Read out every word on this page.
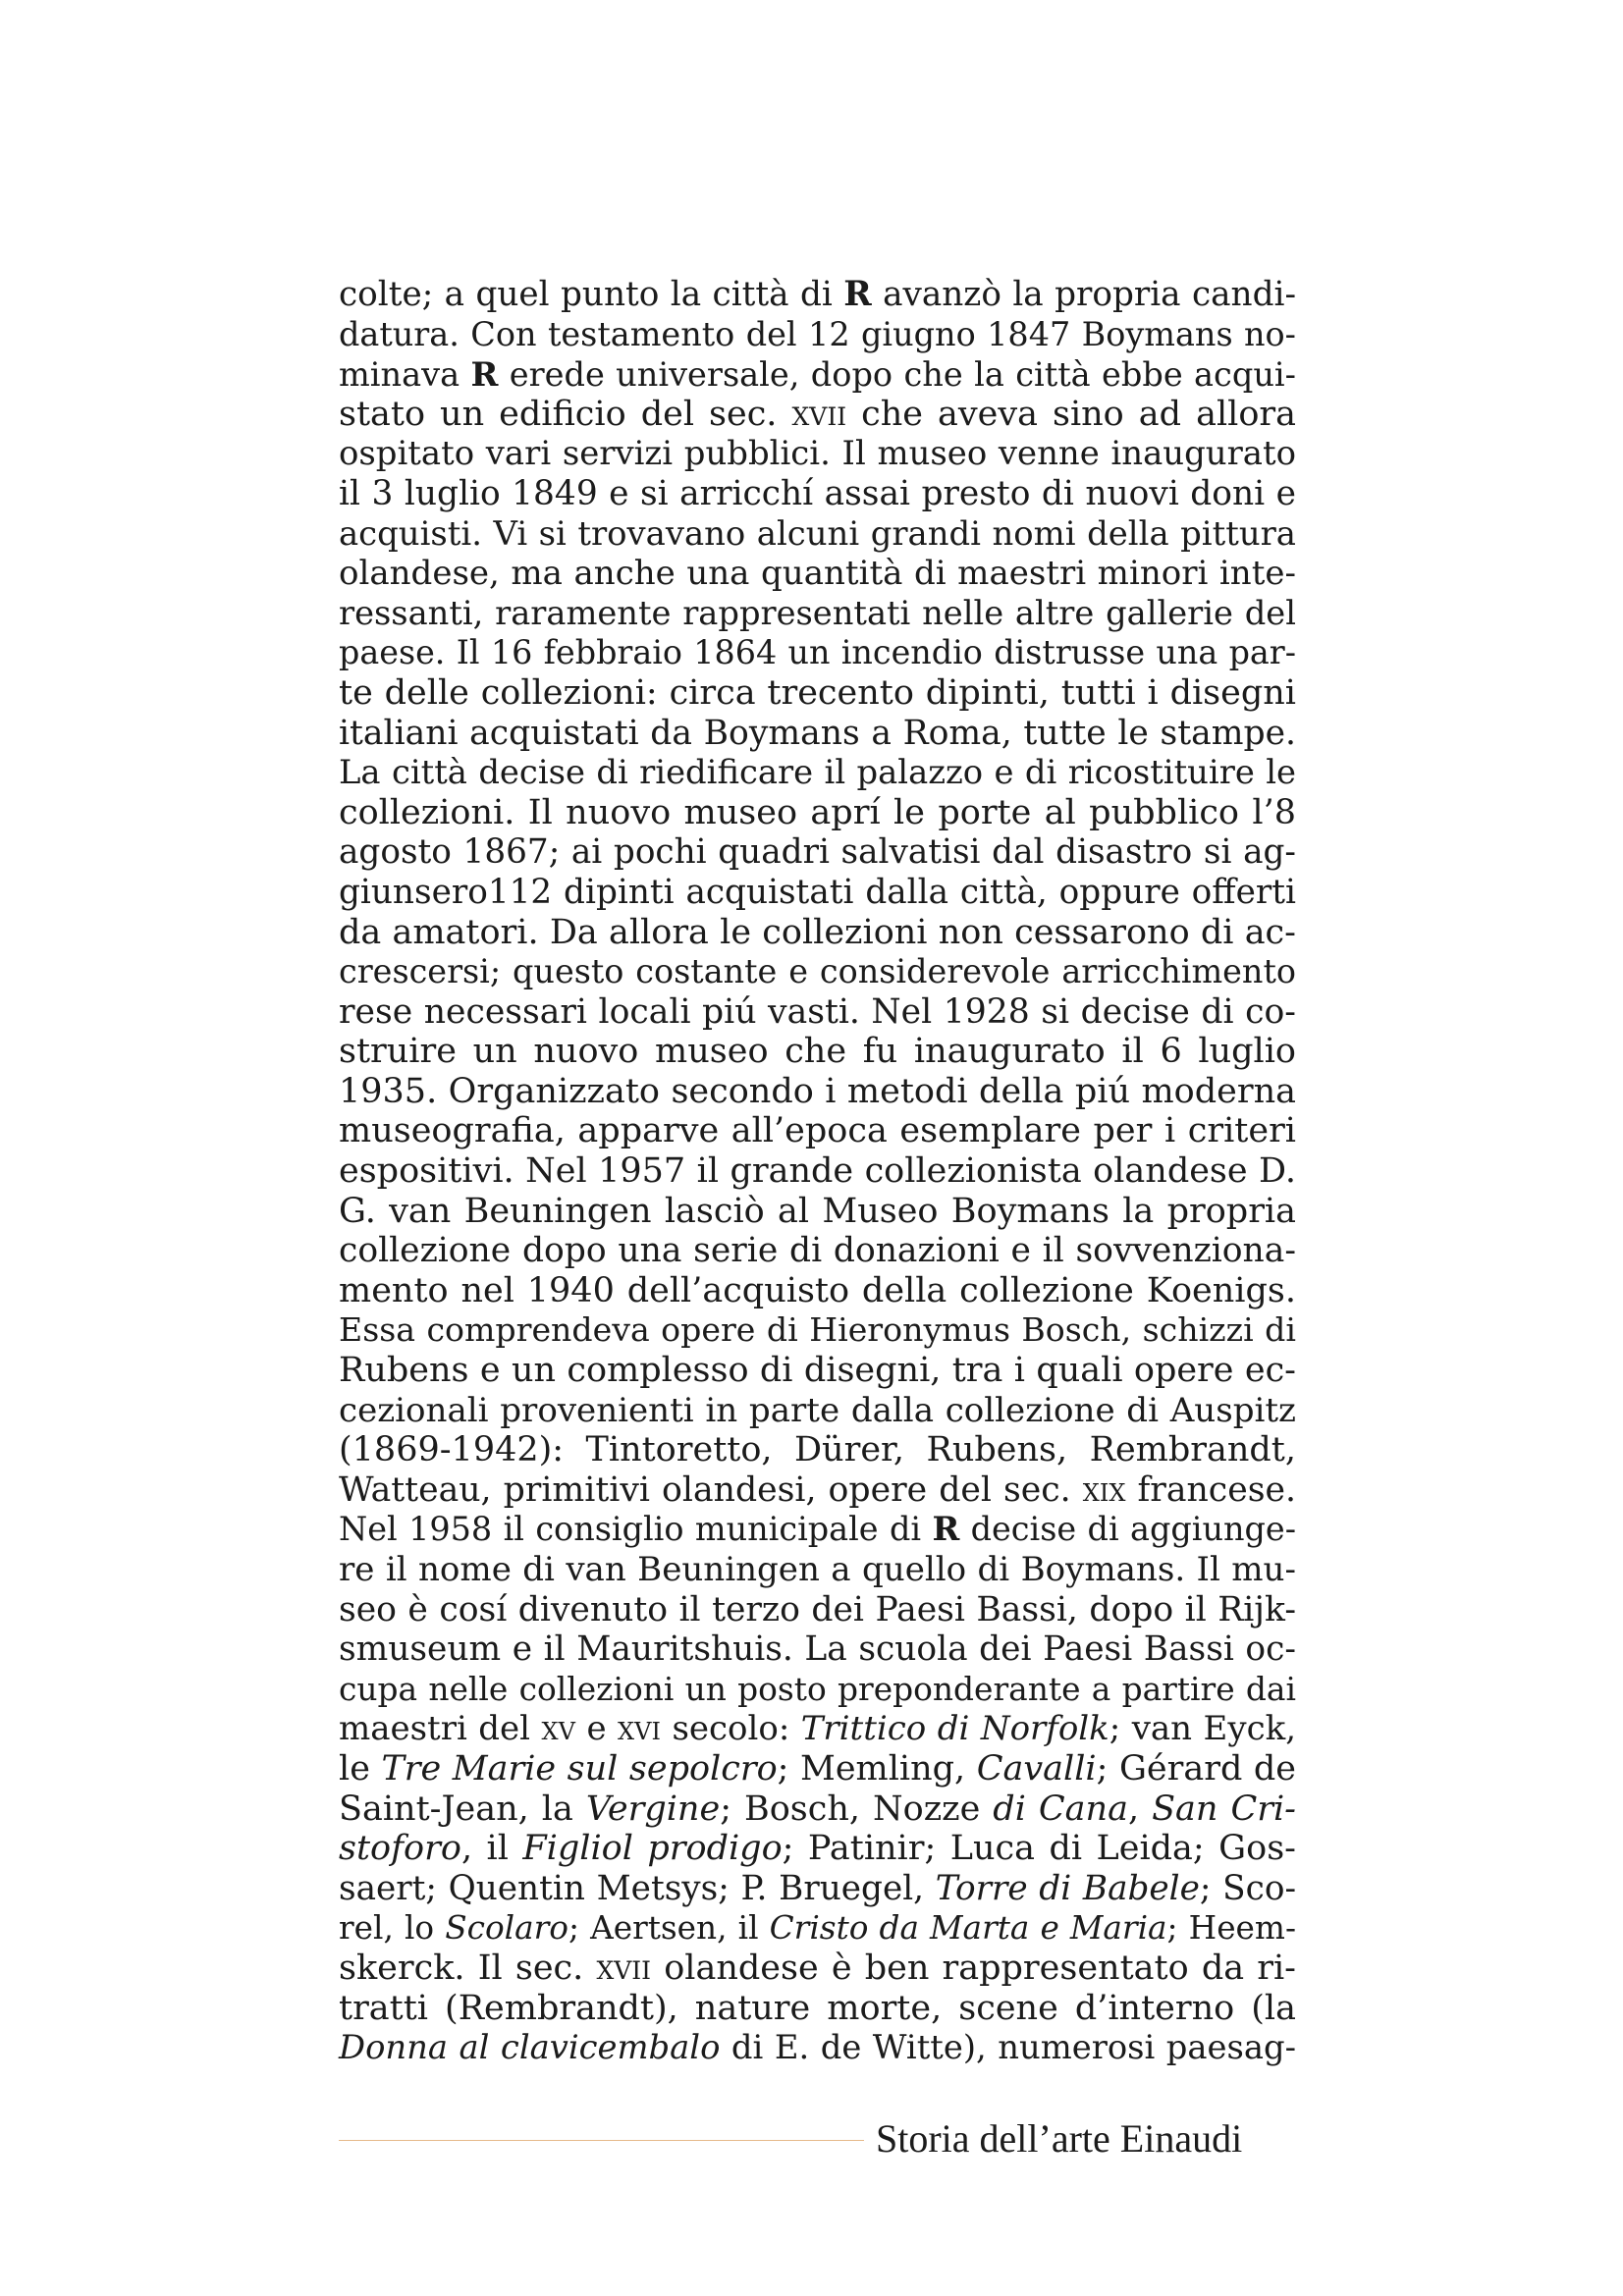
colte; a quel punto la città di R avanzò la propria candi-
datura. Con testamento del 12 giugno 1847 Boymans no-
minava R erede universale, dopo che la città ebbe acqui-
stato un edificio del sec. xvii che aveva sino ad allora
ospitato vari servizi pubblici. Il museo venne inaugurato
il 3 luglio 1849 e si arricchí assai presto di nuovi doni e
acquisti. Vi si trovavano alcuni grandi nomi della pittura
olandese, ma anche una quantità di maestri minori inte-
ressanti, raramente rappresentati nelle altre gallerie del
paese. Il 16 febbraio 1864 un incendio distrusse una par-
te delle collezioni: circa trecento dipinti, tutti i disegni
italiani acquistati da Boymans a Roma, tutte le stampe.
La città decise di riedificare il palazzo e di ricostituire le
collezioni. Il nuovo museo aprí le porte al pubblico l’8
agosto 1867; ai pochi quadri salvatisi dal disastro si ag-
giunsero112 dipinti acquistati dalla città, oppure offerti
da amatori. Da allora le collezioni non cessarono di ac-
crescersi; questo costante e considerevole arricchimento
rese necessari locali piú vasti. Nel 1928 si decise di co-
struire un nuovo museo che fu inaugurato il 6 luglio
1935. Organizzato secondo i metodi della piú moderna
museografia, apparve all’epoca esemplare per i criteri
espositivi. Nel 1957 il grande collezionista olandese D.
G. van Beuningen lasciò al Museo Boymans la propria
collezione dopo una serie di donazioni e il sovvenziona-
mento nel 1940 dell’acquisto della collezione Koenigs.
Essa comprendeva opere di Hieronymus Bosch, schizzi di
Rubens e un complesso di disegni, tra i quali opere ec-
cezionali provenienti in parte dalla collezione di Auspitz
(1869-1942): Tintoretto, Dürer, Rubens, Rembrandt,
Watteau, primitivi olandesi, opere del sec. xix francese.
Nel 1958 il consiglio municipale di R decise di aggiunge-
re il nome di van Beuningen a quello di Boymans. Il mu-
seo è cosí divenuto il terzo dei Paesi Bassi, dopo il Rijk-
smuseum e il Mauritshuis. La scuola dei Paesi Bassi oc-
cupa nelle collezioni un posto preponderante a partire dai
maestri del xv e xvi secolo: Trittico di Norfolk; van Eyck,
le Tre Marie sul sepolcro; Memling, Cavalli; Gérard de
Saint-Jean, la Vergine; Bosch, Nozze di Cana, San Cri-
stoforo, il Figliol prodigo; Patinir; Luca di Leida; Gos-
saert; Quentin Metsys; P. Bruegel, Torre di Babele; Sco-
rel, lo Scolaro; Aertsen, il Cristo da Marta e Maria; Heem-
skerck. Il sec. xvii olandese è ben rappresentato da ri-
tratti (Rembrandt), nature morte, scene d’interno (la
Donna al clavicembalo di E. de Witte), numerosi paesag-
Storia dell’arte Einaudi
